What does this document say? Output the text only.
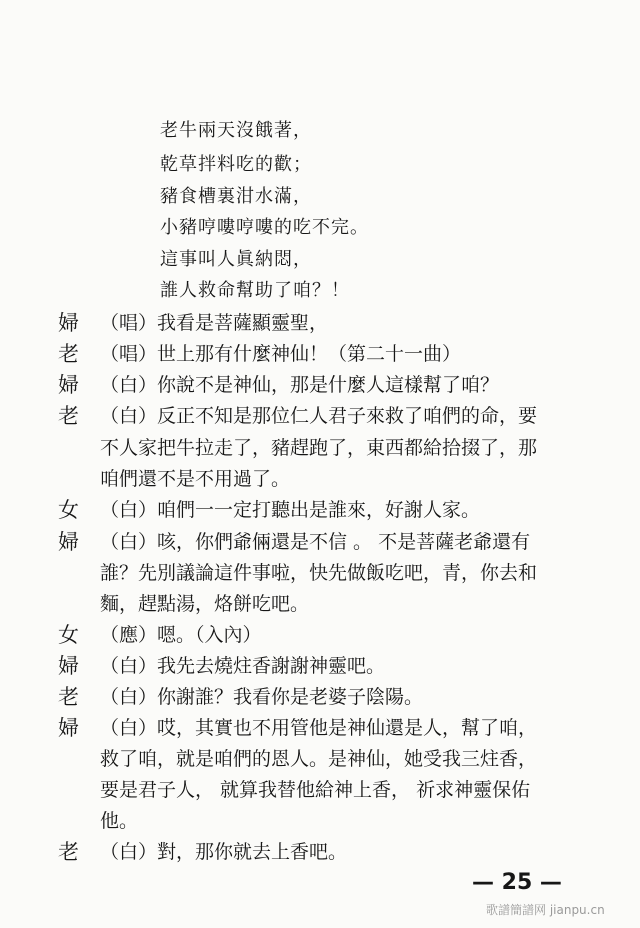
老牛兩天沒餓著，
乾草拌料吃的歡；
豬食槽裏泔水滿，
小豬哼嘍哼嘍的吃不完。
這事叫人眞納悶，
誰人救命幫助了咱？！
婦 （唱）我看是菩薩顯靈聖，
老 （唱）世上那有什麼神仙！（第二十一曲）
婦 （白）你說不是神仙，那是什麼人這樣幫了咱？
老 （白）反正不知是那位仁人君子來救了咱們的命，要
不人家把牛拉走了，豬趕跑了，東西都給拾掇了，那
咱們還不是不用過了。
女 （白）咱們一一定打聽出是誰來，好謝人家。
婦 （白）咳，你們爺倆還是不信 。 不是菩薩老爺還有
誰？先別議論這件事啦，快先做飯吃吧，青，你去和
麵，趕點湯，烙餅吃吧。
女 （應）嗯。（入內）
婦 （白）我先去燒炷香謝謝神靈吧。
老 （白）你謝誰？我看你是老婆子陰陽。
婦 （白）哎，其實也不用管他是神仙還是人，幫了咱，
救了咱，就是咱們的恩人。是神仙，她受我三炷香，
要是君子人， 就算我替他給神上香， 祈求神靈保佑
他。
老 （白）對，那你就去上香吧。
— 25 —
歌譜簡譜网 jianpu.cn
